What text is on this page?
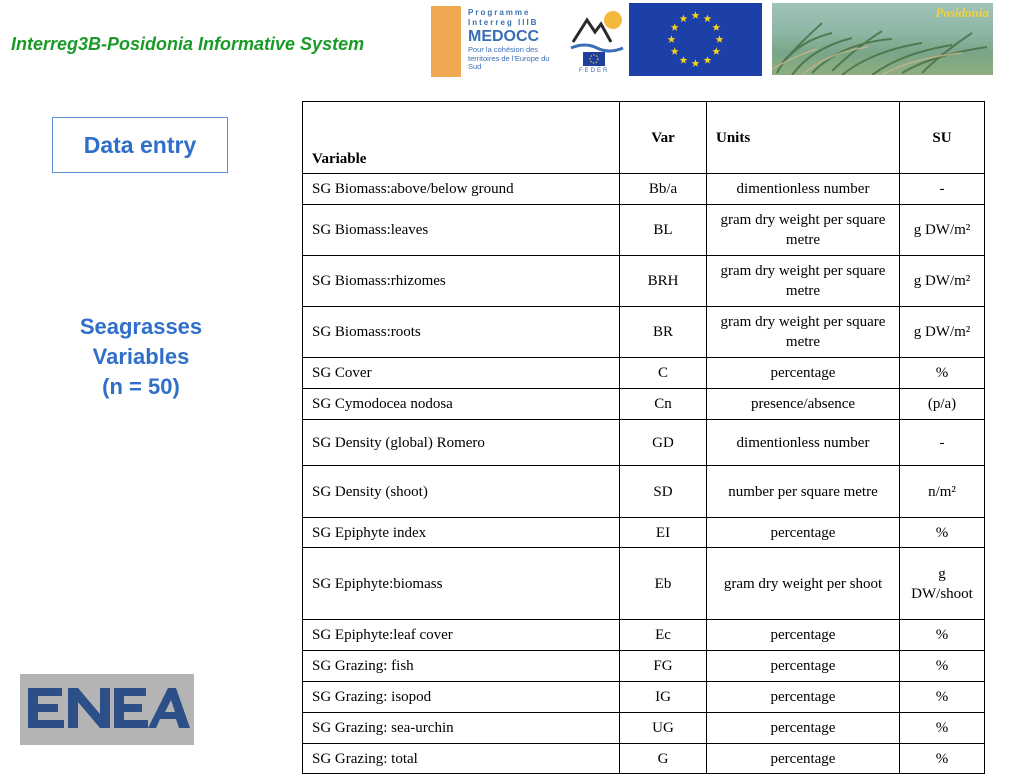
Interreg3B-Posidonia Informative System
Programme
Interreg IIIB
MEDOCC
Pour la cohésion des territoires de l'Europe du Sud	FEDER
Posidonia
Data entry
Seagrasses
Variables
(n = 50)
Variable	Var	Units	SU
SG Biomass:above/below ground	Bb/a	dimentionless number	-
SG Biomass:leaves	BL	gram dry weight per square metre	g DW/m²
SG Biomass:rhizomes	BRH	gram dry weight per square metre	g DW/m²
SG Biomass:roots	BR	gram dry weight per square metre	g DW/m²
SG Cover	C	percentage	%
SG Cymodocea nodosa	Cn	presence/absence	(p/a)
SG Density (global) Romero	GD	dimentionless number	-
SG Density (shoot)	SD	number per square metre	n/m²
SG Epiphyte index	EI	percentage	%
SG Epiphyte:biomass	Eb	gram dry weight per shoot	g DW/shoot
SG Epiphyte:leaf cover	Ec	percentage	%
SG Grazing: fish	FG	percentage	%
SG Grazing: isopod	IG	percentage	%
SG Grazing: sea-urchin	UG	percentage	%
SG Grazing: total	G	percentage	%
